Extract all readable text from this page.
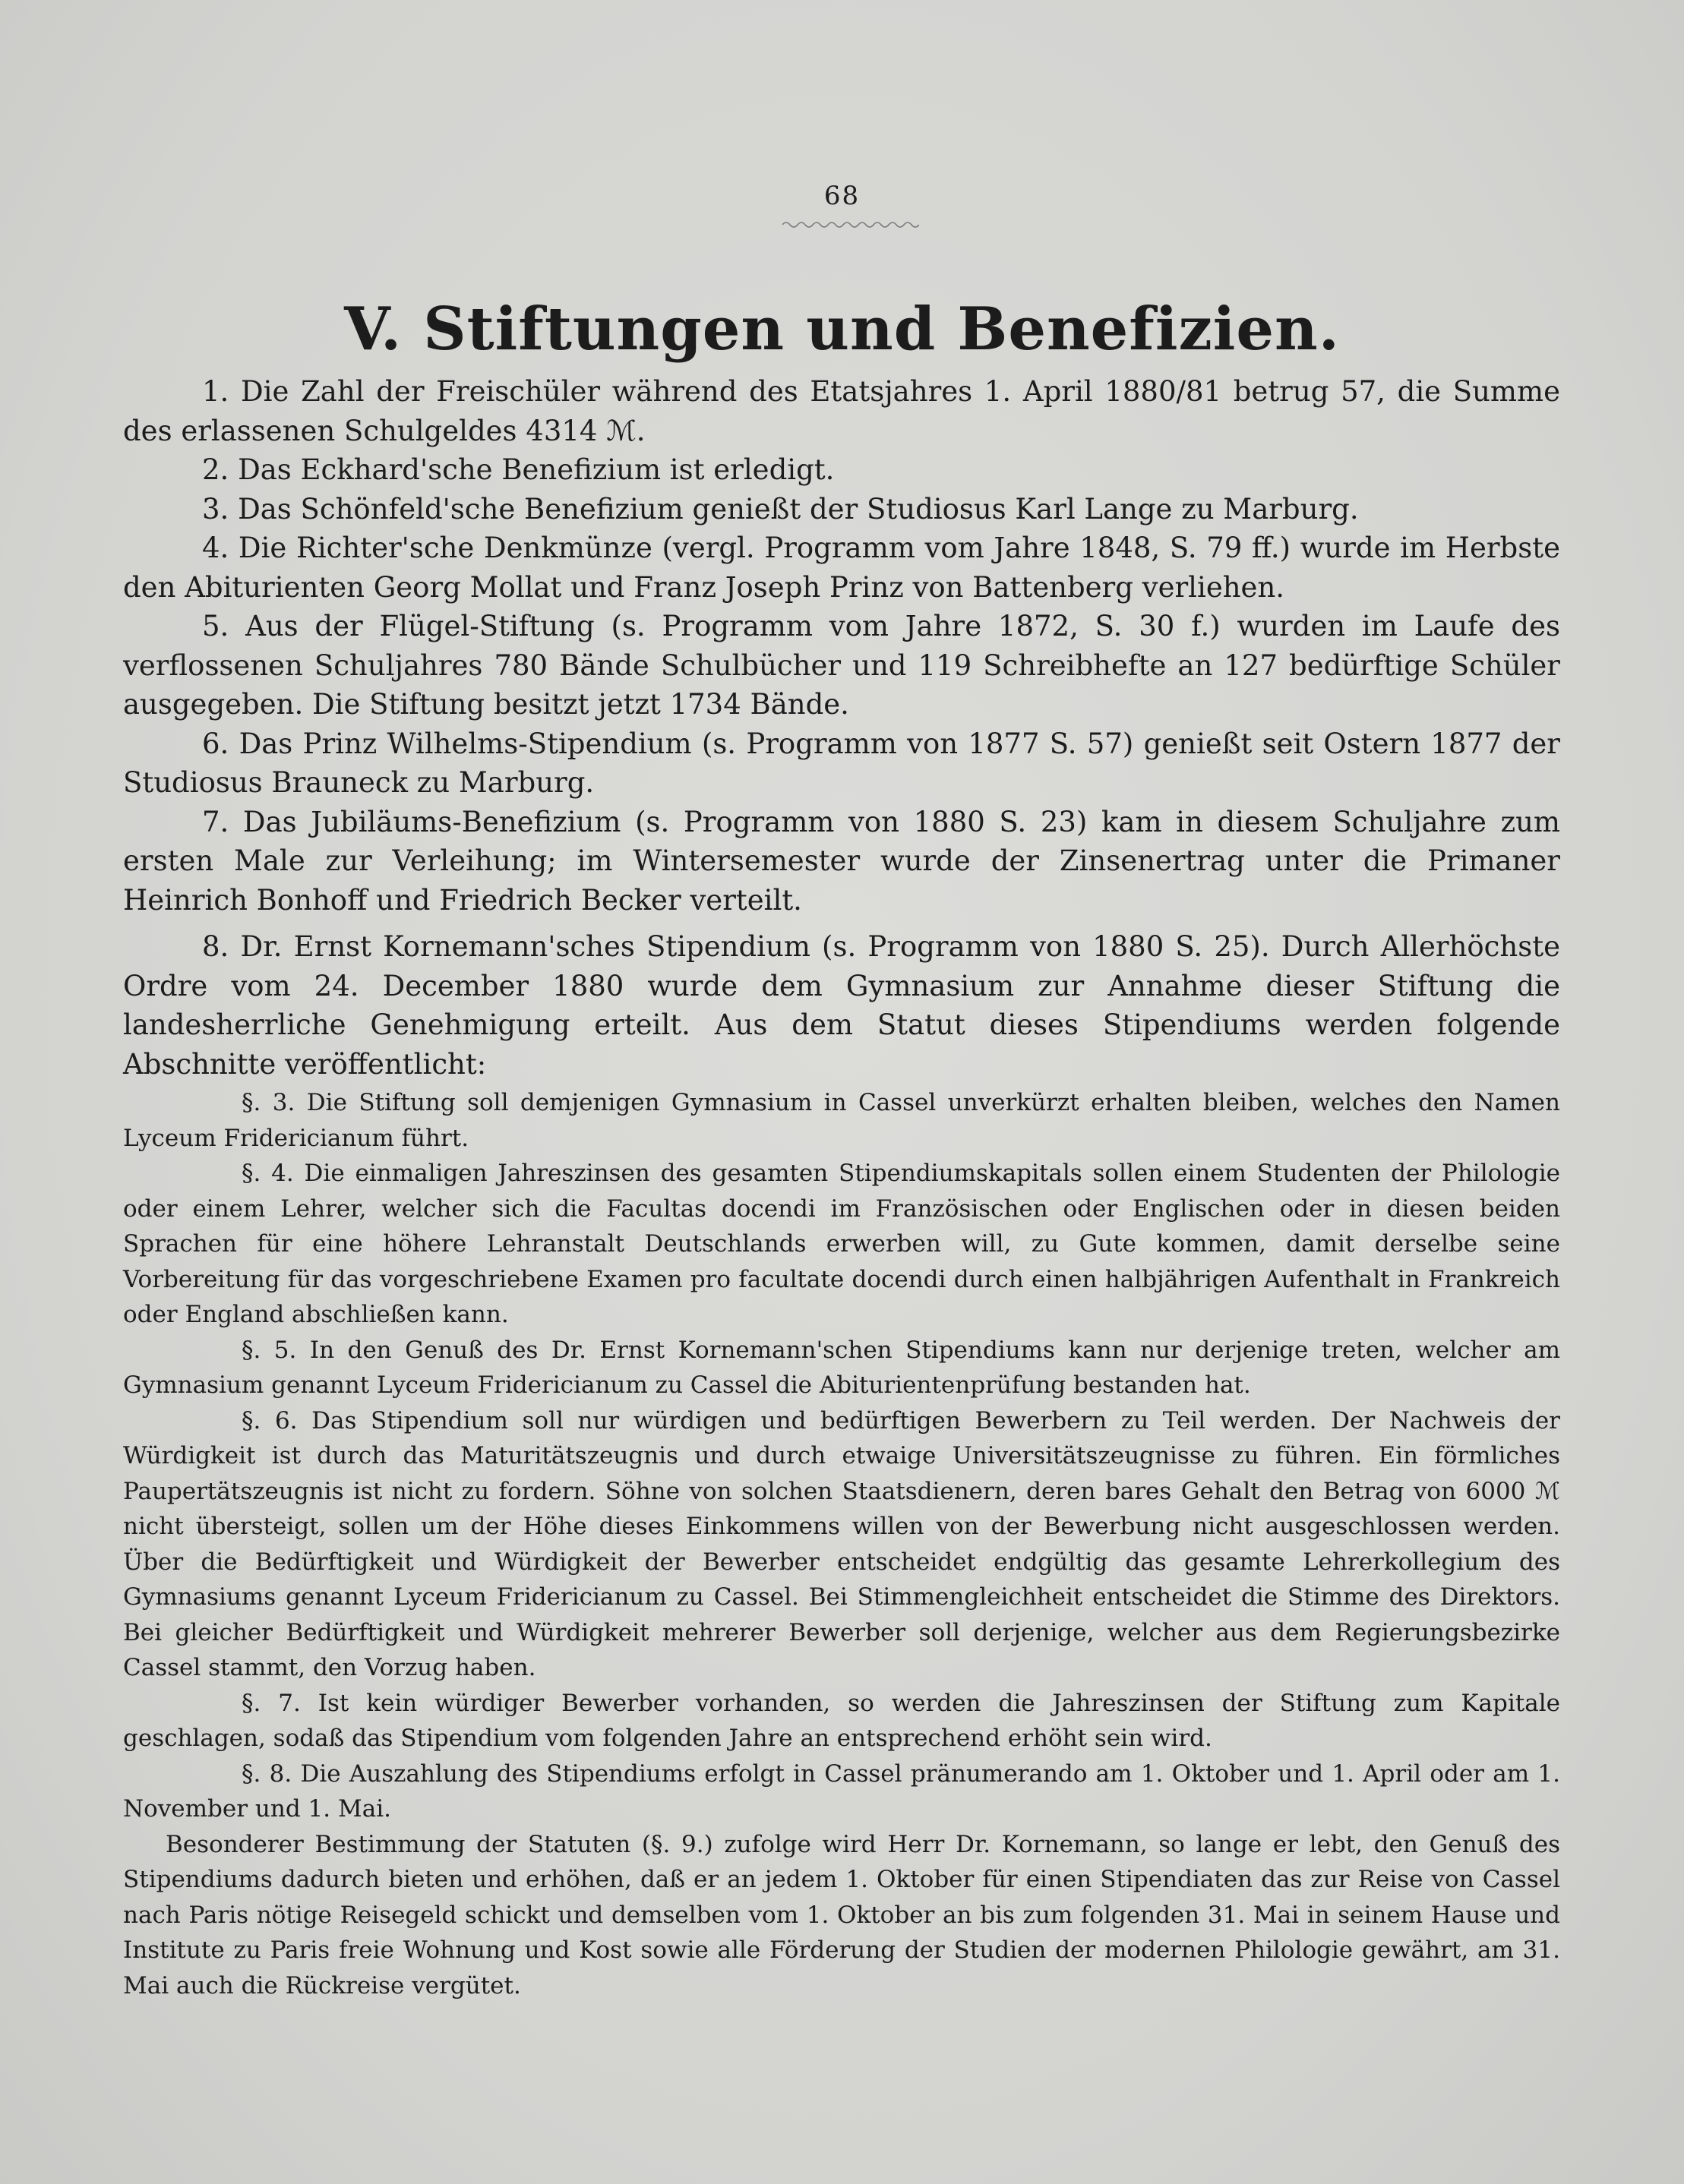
68
V. Stiftungen und Benefizien.

1. Die Zahl der Freischüler während des Etatsjahres 1. April 1880/81 betrug 57, die Summe des erlassenen Schulgeldes 4314 ℳ.

2. Das Eckhard'sche Benefizium ist erledigt.

3. Das Schönfeld'sche Benefizium genießt der Studiosus Karl Lange zu Marburg.

4. Die Richter'sche Denkmünze (vergl. Programm vom Jahre 1848, S. 79 ff.) wurde im Herbste den Abiturienten Georg Mollat und Franz Joseph Prinz von Battenberg verliehen.

5. Aus der Flügel-Stiftung (s. Programm vom Jahre 1872, S. 30 f.) wurden im Laufe des verflossenen Schuljahres 780 Bände Schulbücher und 119 Schreibhefte an 127 bedürftige Schüler ausgegeben. Die Stiftung besitzt jetzt 1734 Bände.

6. Das Prinz Wilhelms-Stipendium (s. Programm von 1877 S. 57) genießt seit Ostern 1877 der Studiosus Brauneck zu Marburg.

7. Das Jubiläums-Benefizium (s. Programm von 1880 S. 23) kam in diesem Schuljahre zum ersten Male zur Verleihung; im Wintersemester wurde der Zinsenertrag unter die Primaner Heinrich Bonhoff und Friedrich Becker verteilt.

8. Dr. Ernst Kornemann'sches Stipendium (s. Programm von 1880 S. 25). Durch Allerhöchste Ordre vom 24. December 1880 wurde dem Gymnasium zur Annahme dieser Stiftung die landesherrliche Genehmigung erteilt. Aus dem Statut dieses Stipendiums werden folgende Abschnitte veröffentlicht:

§. 3. Die Stiftung soll demjenigen Gymnasium in Cassel unverkürzt erhalten bleiben, welches den Namen Lyceum Fridericianum führt.

§. 4. Die einmaligen Jahreszinsen des gesamten Stipendiumskapitals sollen einem Studenten der Philologie oder einem Lehrer, welcher sich die Facultas docendi im Französischen oder Englischen oder in diesen beiden Sprachen für eine höhere Lehranstalt Deutschlands erwerben will, zu Gute kommen, damit derselbe seine Vorbereitung für das vorgeschriebene Examen pro facultate docendi durch einen halbjährigen Aufenthalt in Frankreich oder England abschließen kann.

§. 5. In den Genuß des Dr. Ernst Kornemann'schen Stipendiums kann nur derjenige treten, welcher am Gymnasium genannt Lyceum Fridericianum zu Cassel die Abiturientenprüfung bestanden hat.

§. 6. Das Stipendium soll nur würdigen und bedürftigen Bewerbern zu Teil werden. Der Nachweis der Würdigkeit ist durch das Maturitätszeugnis und durch etwaige Universitätszeugnisse zu führen. Ein förmliches Paupertätszeugnis ist nicht zu fordern. Söhne von solchen Staatsdienern, deren bares Gehalt den Betrag von 6000 ℳ nicht übersteigt, sollen um der Höhe dieses Einkommens willen von der Bewerbung nicht ausgeschlossen werden. Über die Bedürftigkeit und Würdigkeit der Bewerber entscheidet endgültig das gesamte Lehrerkollegium des Gymnasiums genannt Lyceum Fridericianum zu Cassel. Bei Stimmengleichheit entscheidet die Stimme des Direktors. Bei gleicher Bedürftigkeit und Würdigkeit mehrerer Bewerber soll derjenige, welcher aus dem Regierungsbezirke Cassel stammt, den Vorzug haben.

§. 7. Ist kein würdiger Bewerber vorhanden, so werden die Jahreszinsen der Stiftung zum Kapitale geschlagen, sodaß das Stipendium vom folgenden Jahre an entsprechend erhöht sein wird.

§. 8. Die Auszahlung des Stipendiums erfolgt in Cassel pränumerando am 1. Oktober und 1. April oder am 1. November und 1. Mai.

Besonderer Bestimmung der Statuten (§. 9.) zufolge wird Herr Dr. Kornemann, so lange er lebt, den Genuß des Stipendiums dadurch bieten und erhöhen, daß er an jedem 1. Oktober für einen Stipendiaten das zur Reise von Cassel nach Paris nötige Reisegeld schickt und demselben vom 1. Oktober an bis zum folgenden 31. Mai in seinem Hause und Institute zu Paris freie Wohnung und Kost sowie alle Förderung der Studien der modernen Philologie gewährt, am 31. Mai auch die Rückreise vergütet.
